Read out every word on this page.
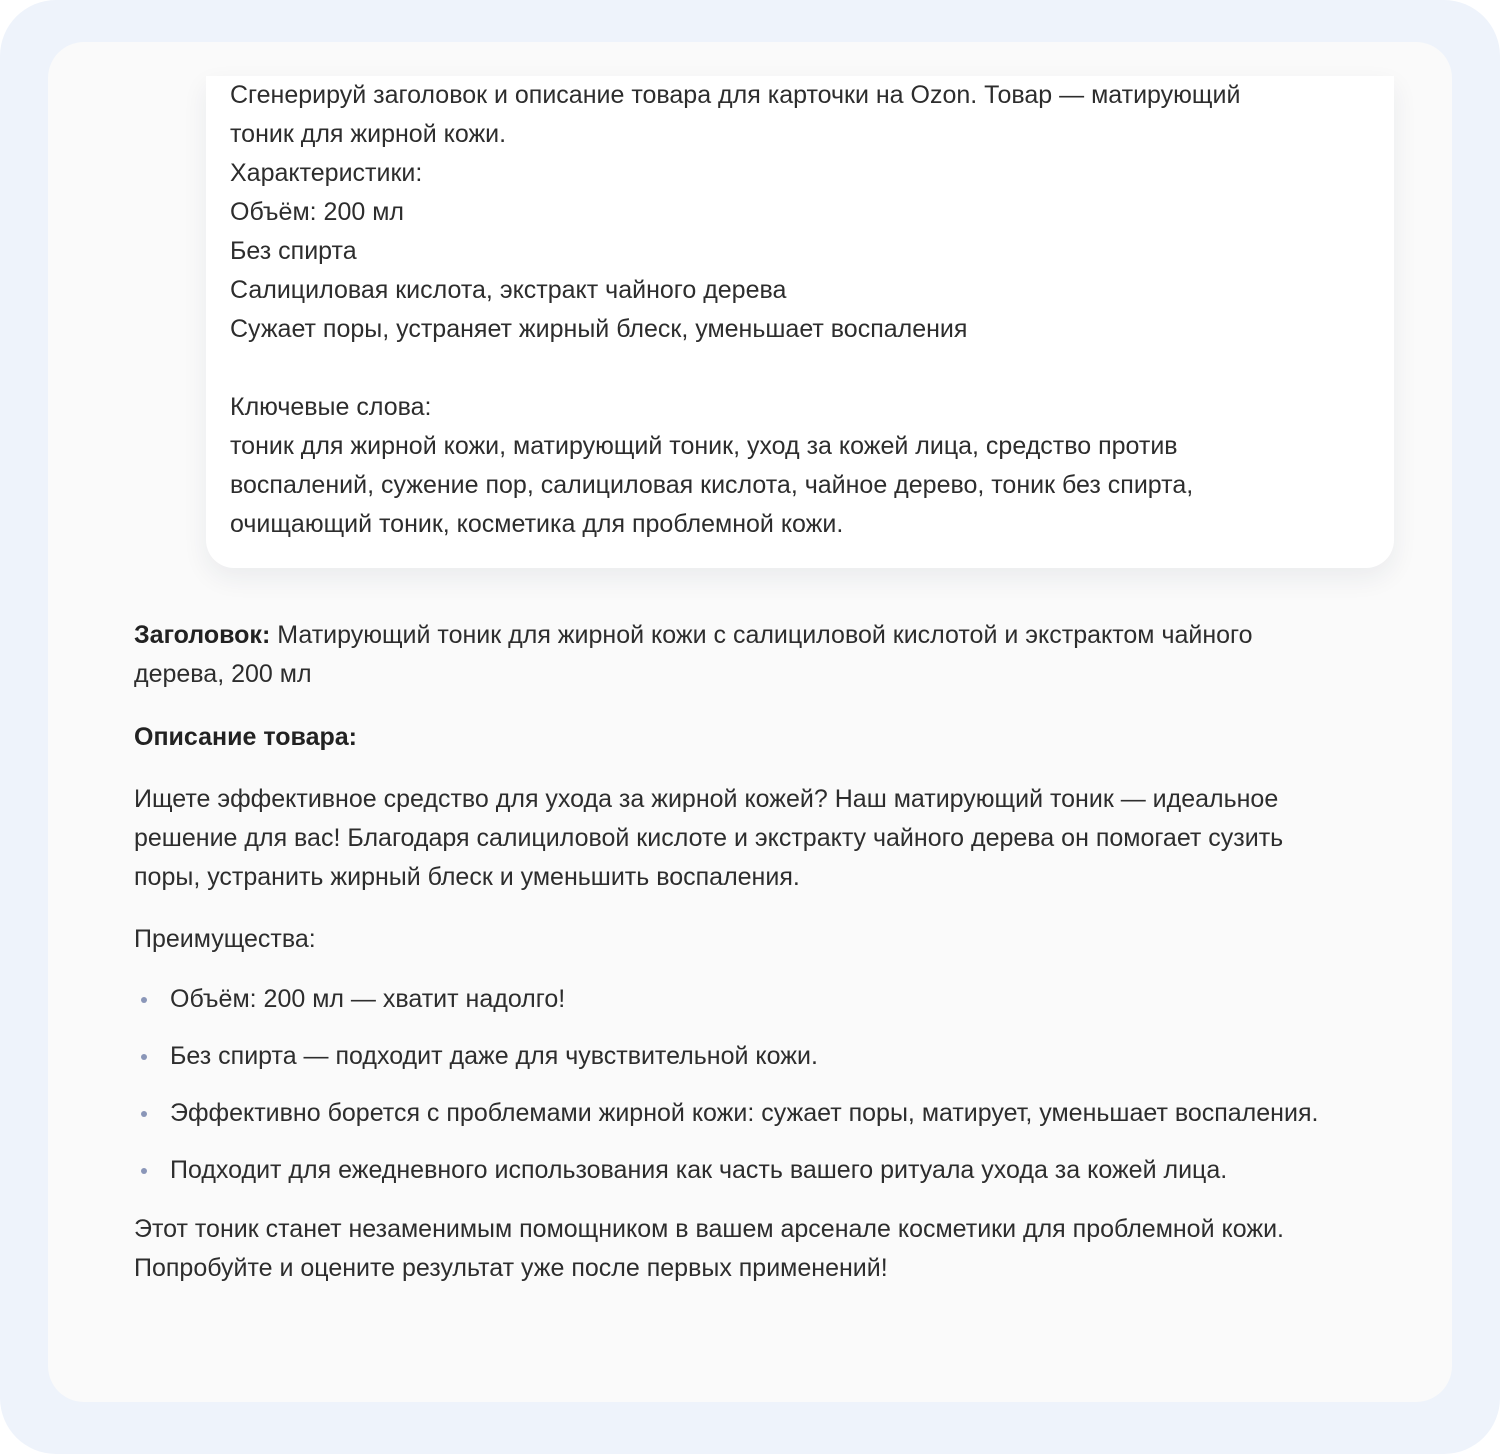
Сгенерируй заголовок и описание товара для карточки на Ozon. Товар — матирующий
тоник для жирной кожи.
Характеристики:
Объём: 200 мл
Без спирта
Салициловая кислота, экстракт чайного дерева
Сужает поры, устраняет жирный блеск, уменьшает воспаления

Ключевые слова:
тоник для жирной кожи, матирующий тоник, уход за кожей лица, средство против
воспалений, сужение пор, салициловая кислота, чайное дерево, тоник без спирта,
очищающий тоник, косметика для проблемной кожи.

Заголовок: Матирующий тоник для жирной кожи с салициловой кислотой и экстрактом чайного дерева, 200 мл

Описание товара:

Ищете эффективное средство для ухода за жирной кожей? Наш матирующий тоник — идеальное решение для вас! Благодаря салициловой кислоте и экстракту чайного дерева он помогает сузить поры, устранить жирный блеск и уменьшить воспаления.

Преимущества:

Объём: 200 мл — хватит надолго!
Без спирта — подходит даже для чувствительной кожи.
Эффективно борется с проблемами жирной кожи: сужает поры, матирует, уменьшает воспаления.
Подходит для ежедневного использования как часть вашего ритуала ухода за кожей лица.

Этот тоник станет незаменимым помощником в вашем арсенале косметики для проблемной кожи. Попробуйте и оцените результат уже после первых применений!
